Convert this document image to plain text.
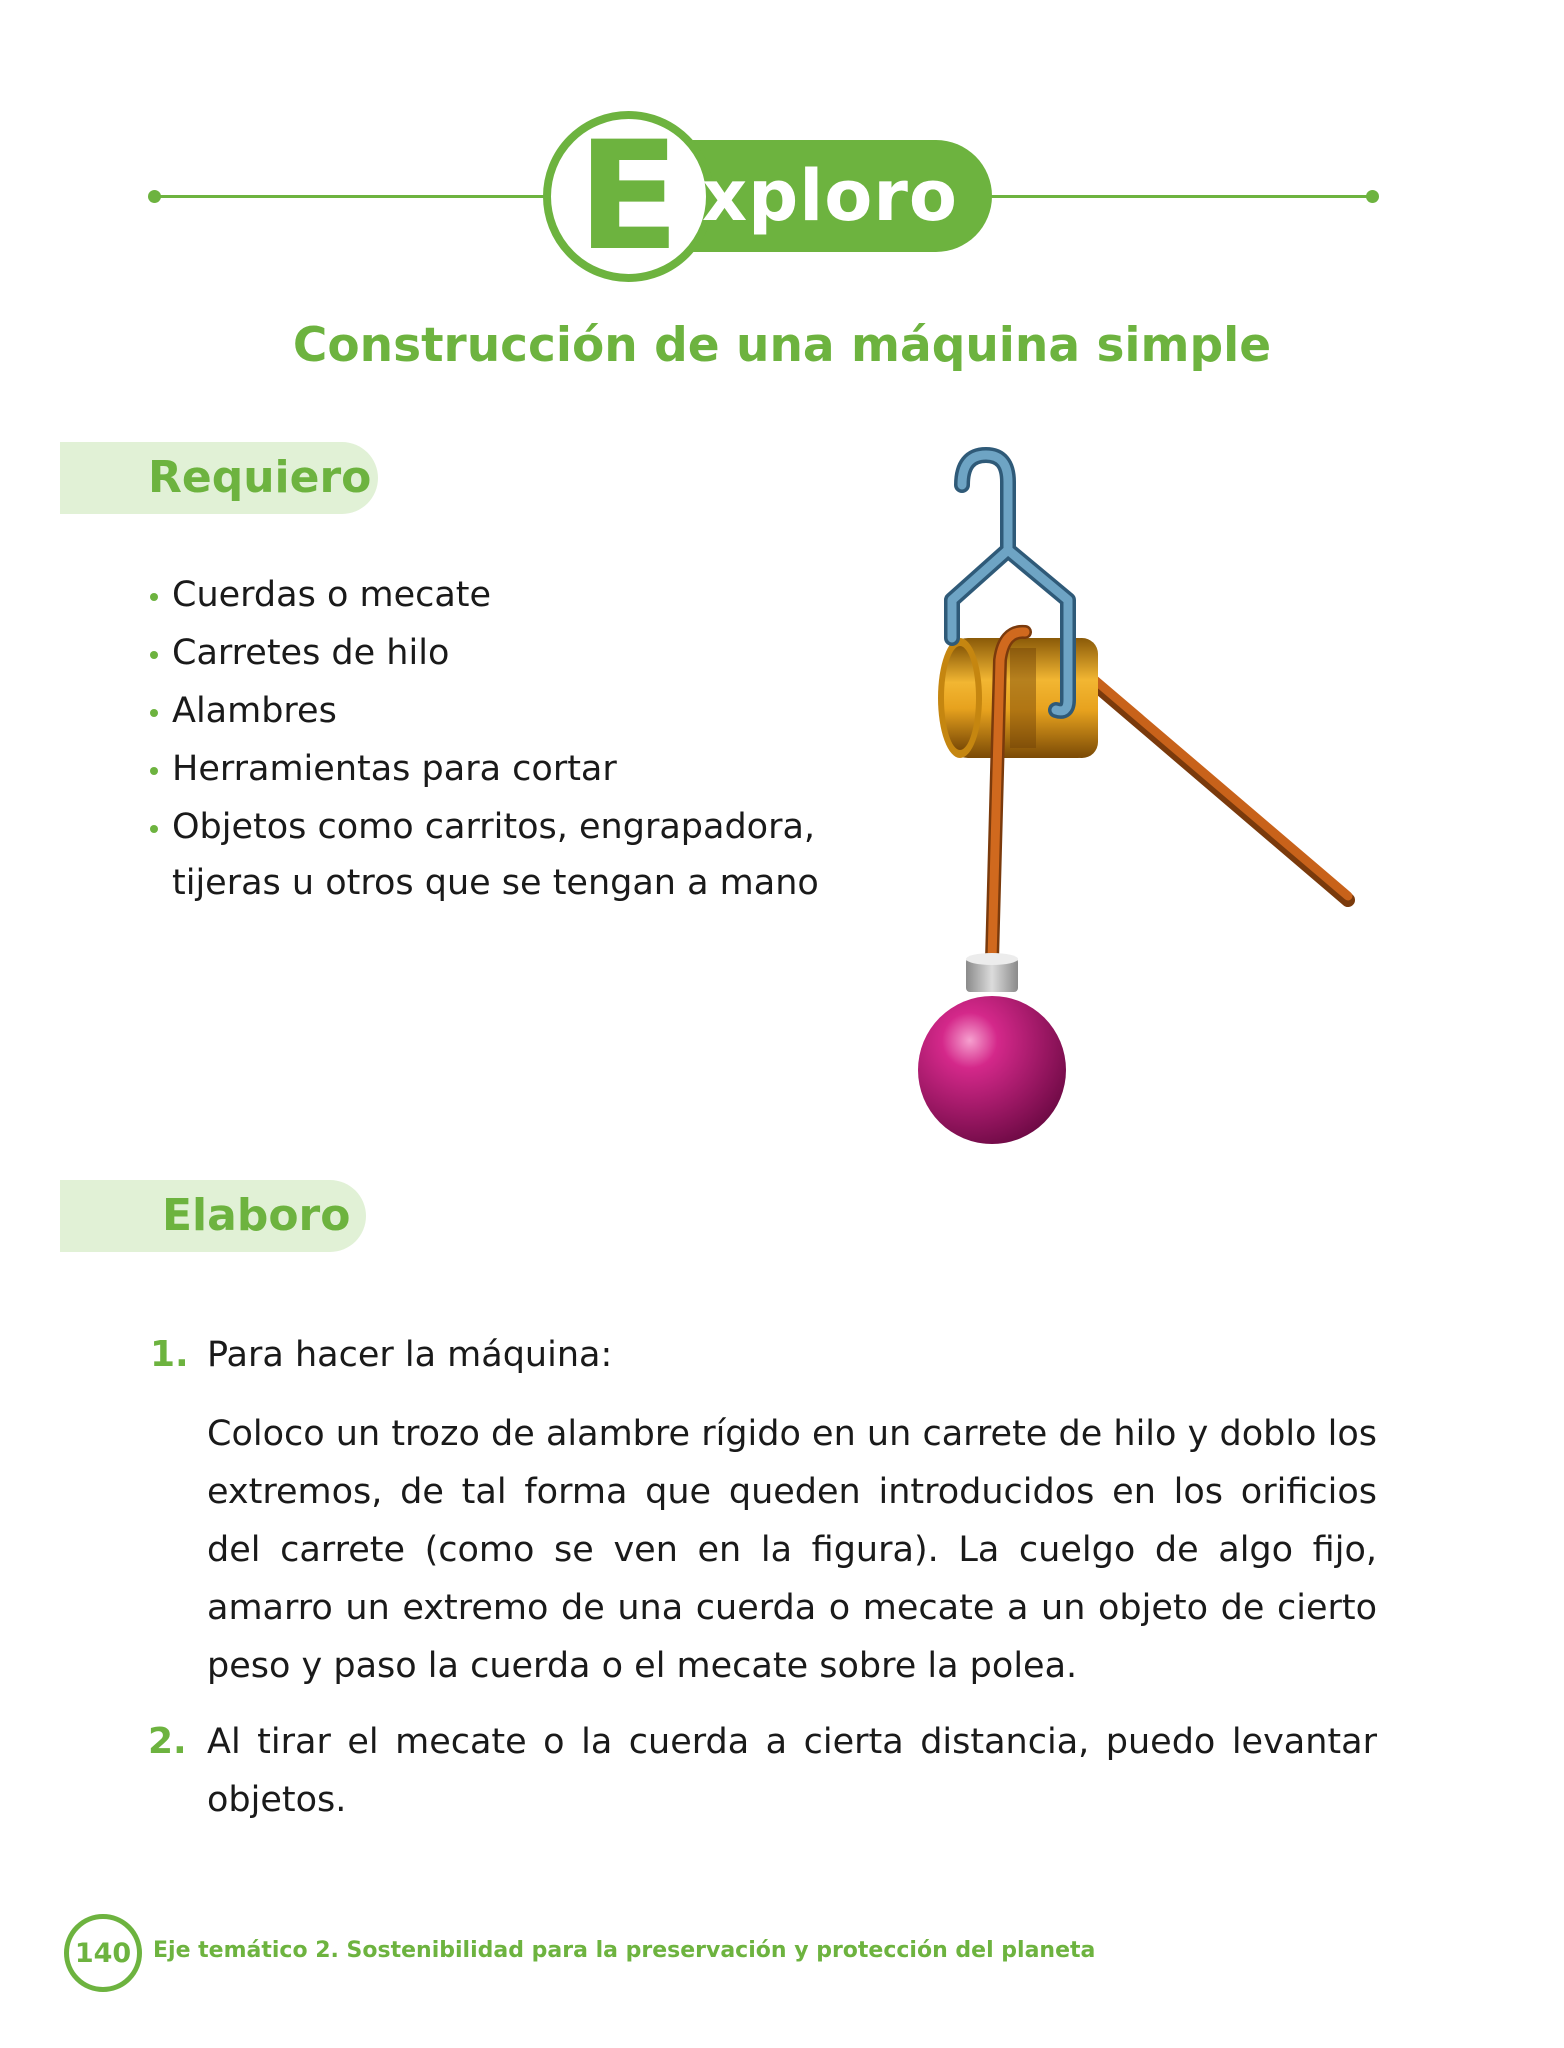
E xploro
Construcción de una máquina simple
Requiero
Cuerdas o mecate
Carretes de hilo
Alambres
Herramientas para cortar
Objetos como carritos, engrapadora,
tijeras u otros que se tengan a mano
Elaboro
1. Para hacer la máquina:
Coloco un trozo de alambre rígido en un carrete de hilo y doblo los extremos, de tal forma que queden introducidos en los orificios del carrete (como se ven en la figura). La cuelgo de algo fijo, amarro un extremo de una cuerda o mecate a un objeto de cierto peso y paso la cuerda o el mecate sobre la polea.
2. Al tirar el mecate o la cuerda a cierta distancia, puedo levantar objetos.
140 Eje temático 2. Sostenibilidad para la preservación y protección del planeta
